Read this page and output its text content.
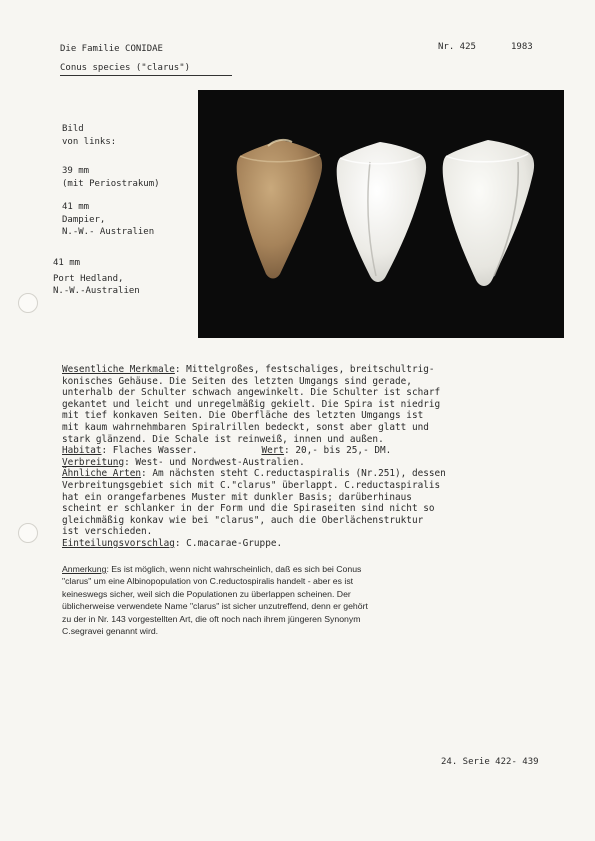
Die Familie CONIDAE
Conus species ("clarus")
Nr. 425	1983
Bild
von links:
39 mm
(mit Periostrakum)
41 mm
Dampier,
N.-W.- Australien
41 mm
Port Hedland,
N.-W.-Australien
Wesentliche Merkmale: Mittelgroßes, festschaliges, breitschultrig-
konisches Gehäuse. Die Seiten des letzten Umgangs sind gerade,
unterhalb der Schulter schwach angewinkelt. Die Schulter ist scharf
gekantet und leicht und unregelmäßig gekielt. Die Spira ist niedrig
mit tief konkaven Seiten. Die Oberfläche des letzten Umgangs ist
mit kaum wahrnehmbaren Spiralrillen bedeckt, sonst aber glatt und
stark glänzend. Die Schale ist reinweiß, innen und außen.
Habitat: Flaches Wasser.	Wert: 20,- bis 25,- DM.
Verbreitung: West- und Nordwest-Australien.
Ähnliche Arten: Am nächsten steht C.reductaspiralis (Nr.251), dessen
Verbreitungsgebiet sich mit C."clarus" überlappt. C.reductaspiralis
hat ein orangefarbenes Muster mit dunkler Basis; darüberhinaus
scheint er schlanker in der Form und die Spiraseiten sind nicht so
gleichmäßig konkav wie bei "clarus", auch die Oberlächenstruktur
ist verschieden.
Einteilungsvorschlag: C.macarae-Gruppe.
Anmerkung: Es ist möglich, wenn nicht wahrscheinlich, daß es sich bei Conus
"clarus" um eine Albinopopulation von C.reductospiralis handelt - aber es ist
keineswegs sicher, weil sich die Populationen zu überlappen scheinen. Der
üblicherweise verwendete Name "clarus" ist sicher unzutreffend, denn er gehört
zu der in Nr. 143 vorgestellten Art, die oft noch nach ihrem jüngeren Synonym
C.segravei genannt wird.
24. Serie 422- 439
